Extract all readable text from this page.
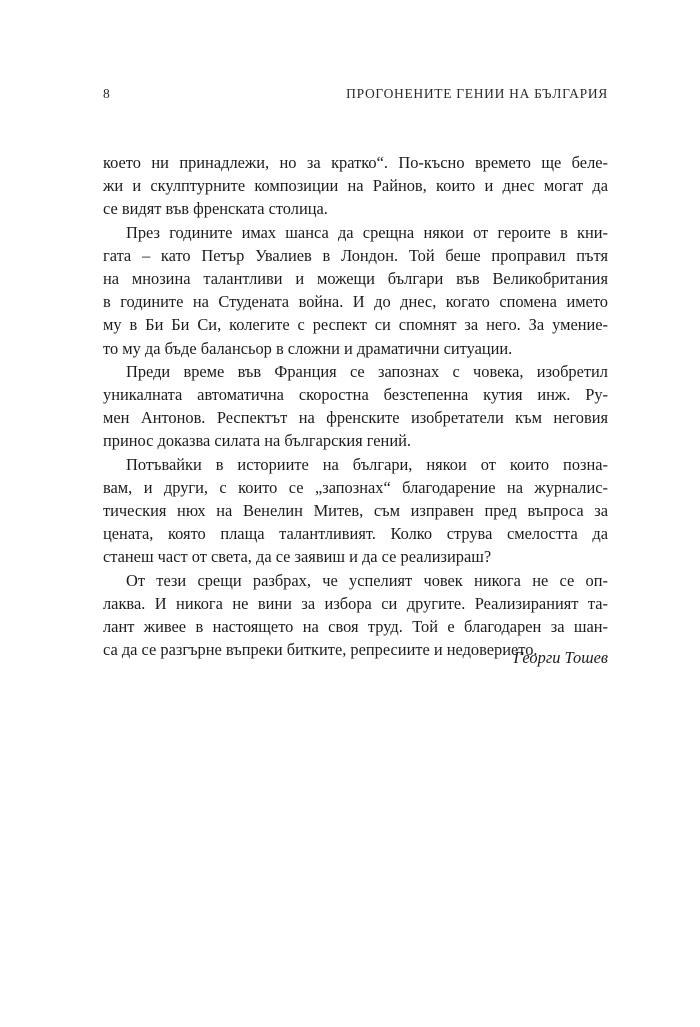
8	ПРОГОНЕНИТЕ ГЕНИИ НА БЪЛГАРИЯ

което ни принадлежи, но за кратко“. По-късно времето ще беле-
жи и скулптурните композиции на Райнов, които и днес могат да
се видят във френската столица.

През годините имах шанса да срещна някои от героите в кни-
гата – като Петър Увалиев в Лондон. Той беше проправил пътя
на мнозина талантливи и можещи българи във Великобритания
в годините на Студената война. И до днес, когато спомена името
му в Би Би Си, колегите с респект си спомнят за него. За умение-
то му да бъде балансьор в сложни и драматични ситуации.

Преди време във Франция се запознах с човека, изобретил
уникалната автоматична скоростна безстепенна кутия инж. Ру-
мен Антонов. Респектът на френските изобретатели към неговия
принос доказва силата на българския гений.

Потъвайки в историите на българи, някои от които позна-
вам, и други, с които се „запознах“ благодарение на журналис-
тическия нюх на Венелин Митев, съм изправен пред въпроса за
цената, която плаща талантливият. Колко струва смелостта да
станеш част от света, да се заявиш и да се реализираш?

От тези срещи разбрах, че успелият човек никога не се оп-
лаква. И никога не вини за избора си другите. Реализираният та-
лант живее в настоящето на своя труд. Той е благодарен за шан-
са да се разгърне въпреки битките, репресиите и недоверието.

Георги Тошев
